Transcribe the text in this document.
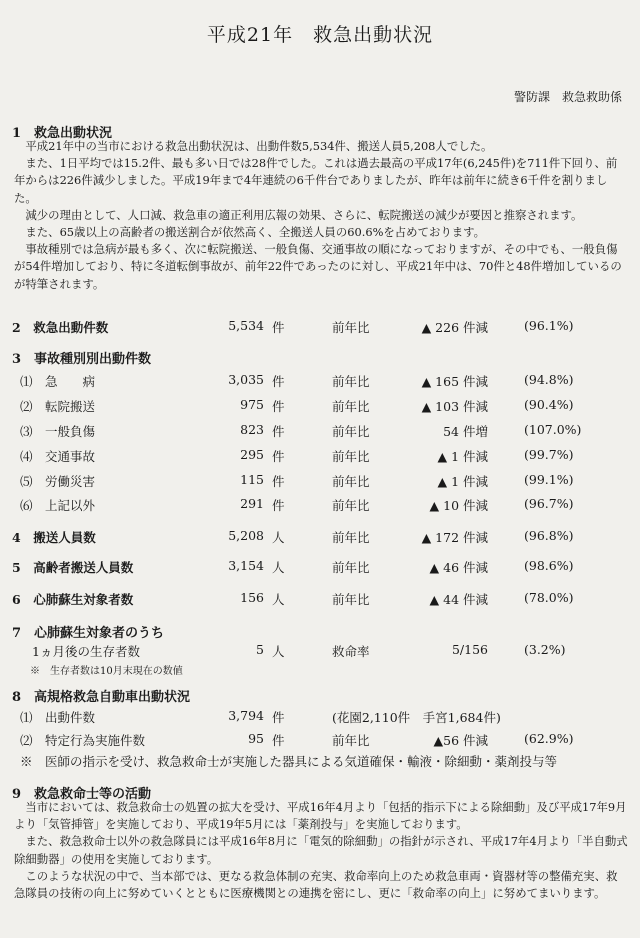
平成21年　救急出動状況
警防課　救急救助係
1　救急出動状況

平成21年中の当市における救急出動状況は、出動件数5,534件、搬送人員5,208人でした。

また、1日平均では15.2件、最も多い日では28件でした。これは過去最高の平成17年(6,245件)を711件下回り、前年からは226件減少しました。平成19年まで4年連続の6千件台でありましたが、昨年は前年に続き6千件を割りました。

減少の理由として、人口減、救急車の適正利用広報の効果、さらに、転院搬送の減少が要因と推察されます。

また、65歳以上の高齢者の搬送割合が依然高く、全搬送人員の60.6%を占めております。

事故種別では急病が最も多く、次に転院搬送、一般負傷、交通事故の順になっておりますが、その中でも、一般負傷が54件増加しており、特に冬道転倒事故が、前年22件であったのに対し、平成21年中は、70件と48件増加しているのが特筆されます。

2　救急出動件数	5,534 件	前年比	▲ 226 件減	(96.1%)
3　事故種別別出動件数
⑴　急　　病	3,035 件	前年比	▲ 165 件減	(94.8%)
⑵　転院搬送	975 件	前年比	▲ 103 件減	(90.4%)
⑶　一般負傷	823 件	前年比	54 件増	(107.0%)
⑷　交通事故	295 件	前年比	▲ 1 件減	(99.7%)
⑸　労働災害	115 件	前年比	▲ 1 件減	(99.1%)
⑹　上記以外	291 件	前年比	▲ 10 件減	(96.7%)
4　搬送人員数	5,208 人	前年比	▲ 172 件減	(96.8%)
5　高齢者搬送人員数	3,154 人	前年比	▲ 46 件減	(98.6%)
6　心肺蘇生対象者数	156 人	前年比	▲ 44 件減	(78.0%)
7　心肺蘇生対象者のうち
1ヵ月後の生存者数	5 人	救命率	5/156	(3.2%)
※　生存者数は10月末現在の数値
8　高規格救急自動車出動状況
⑴　出動件数	3,794 件	(花園2,110件　手宮1,684件)
⑵　特定行為実施件数	95 件	前年比	▲56 件減	(62.9%)
※　医師の指示を受け、救急救命士が実施した器具による気道確保・輸液・除細動・薬剤投与等
9　救急救命士等の活動

当市においては、救急救命士の処置の拡大を受け、平成16年4月より「包括的指示下による除細動」及び平成17年9月より「気管挿管」を実施しており、平成19年5月には「薬剤投与」を実施しております。

また、救急救命士以外の救急隊員には平成16年8月に「電気的除細動」の指針が示され、平成17年4月より「半自動式除細動器」の使用を実施しております。

このような状況の中で、当本部では、更なる救急体制の充実、救命率向上のため救急車両・資器材等の整備充実、救急隊員の技術の向上に努めていくとともに医療機関との連携を密にし、更に「救命率の向上」に努めてまいります。
